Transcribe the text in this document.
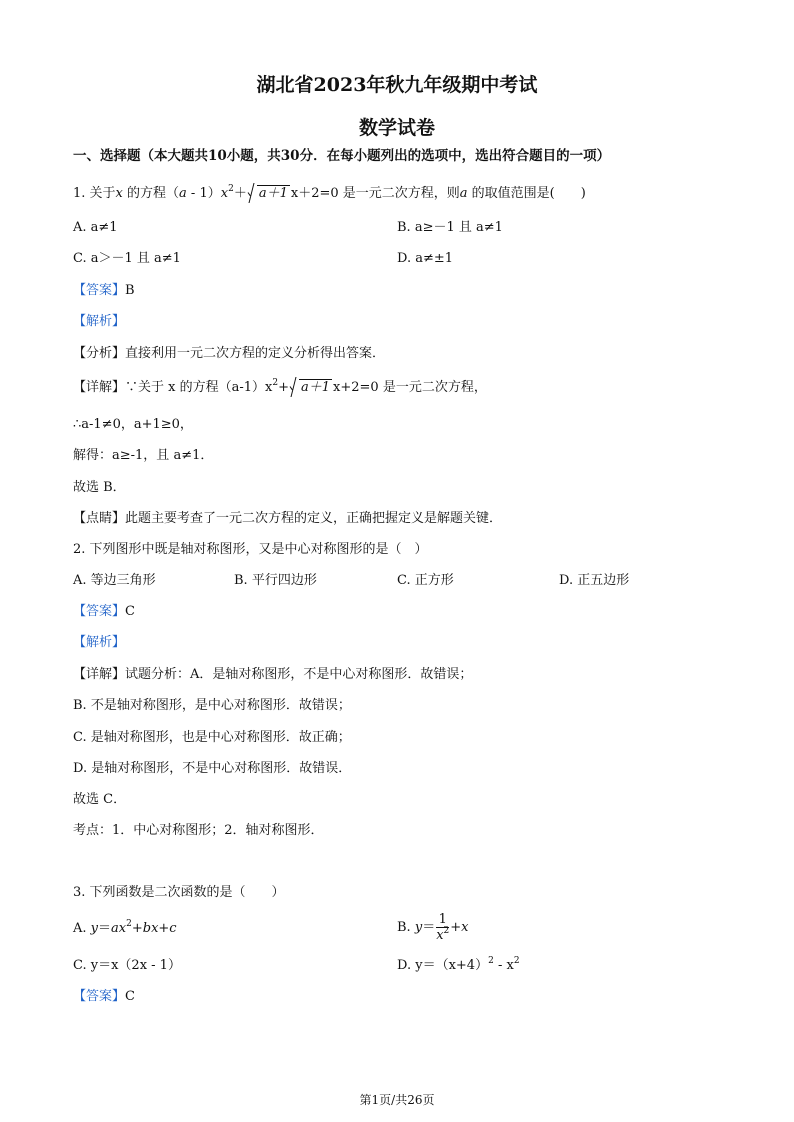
湖北省2023年秋九年级期中考试
数学试卷
一、选择题（本大题共10小题，共30分．在每小题列出的选项中，选出符合题目的一项）
1. 关于x 的方程$(a - 1)x^2+ a+1$ x＋2=0 是一元二次方程，则a 的取值范围是(　　)
A. a≠1	B. a≥－1 且 a≠1
C. a＞－1 且 a≠1	D. a≠±1
【答案】B
【解析】
【分析】直接利用一元二次方程的定义分析得出答案．
【详解】∵关于 x 的方程$(a-1)x^2+ a+1$ x+2=0 是一元二次方程，
∴a-1≠0，a+1≥0，
解得：a≥-1，且 a≠1．
故选 B．
【点睛】此题主要考查了一元二次方程的定义，正确把握定义是解题关键．
2. 下列图形中既是轴对称图形，又是中心对称图形的是（　）
A. 等边三角形	B. 平行四边形	C. 正方形	D. 正五边形
【答案】C
【解析】
【详解】试题分析：A．是轴对称图形，不是中心对称图形．故错误；
B. 不是轴对称图形，是中心对称图形．故错误；
C. 是轴对称图形，也是中心对称图形．故正确；
D. 是轴对称图形，不是中心对称图形．故错误．
故选 C．
考点：1．中心对称图形；2．轴对称图形．
3. 下列函数是二次函数的是（　　）
A. $y=ax^2+bx+c$	B. $y= \frac{1}{x^2} +x$
C. y＝x（2x - 1）	D. $y=(x+4)^2 - x^2$
【答案】C
第1页/共26页
